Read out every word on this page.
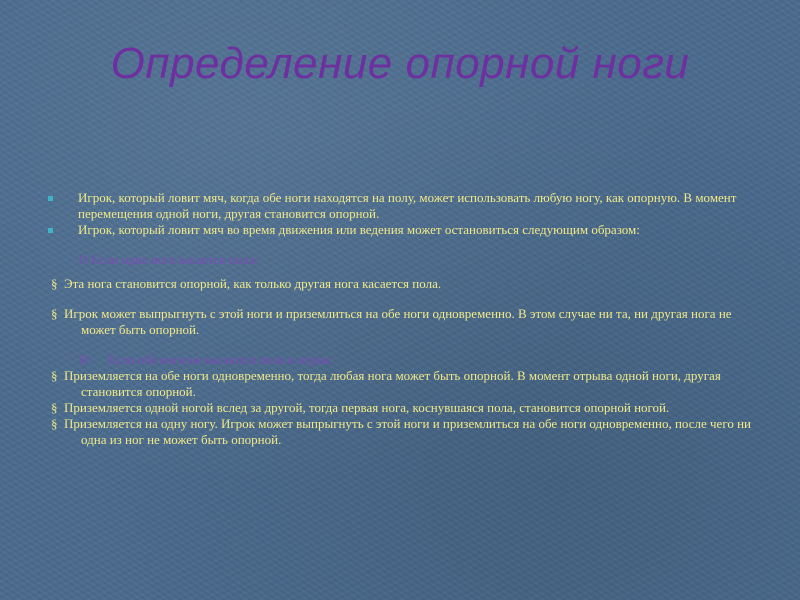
Определение опорной ноги
Игрок, который ловит мяч, когда обе ноги находятся на полу, может использовать любую ногу, как опорную. В момент перемещения одной ноги, другая становится опорной.
Игрок, который ловит мяч во время движения или ведения может остановиться следующим образом:
О Если одна нога касается пола:
§ Эта нога становится опорной, как только другая нога касается пола.
§ Игрок может выпрыгнуть с этой ноги и приземлиться на обе ноги одновременно. В этом случае ни та, ни другая нога не может быть опорной.
Ø Если обе ноги не касаются пола и игрок:
§ Приземляется на обе ноги одновременно, тогда любая нога может быть опорной. В момент отрыва одной ноги, другая становится опорной.
§ Приземляется одной ногой вслед за другой, тогда первая нога, коснувшаяся пола, становится опорной ногой.
§ Приземляется на одну ногу. Игрок может выпрыгнуть с этой ноги и приземлиться на обе ноги одновременно, после чего ни одна из ног не может быть опорной.
